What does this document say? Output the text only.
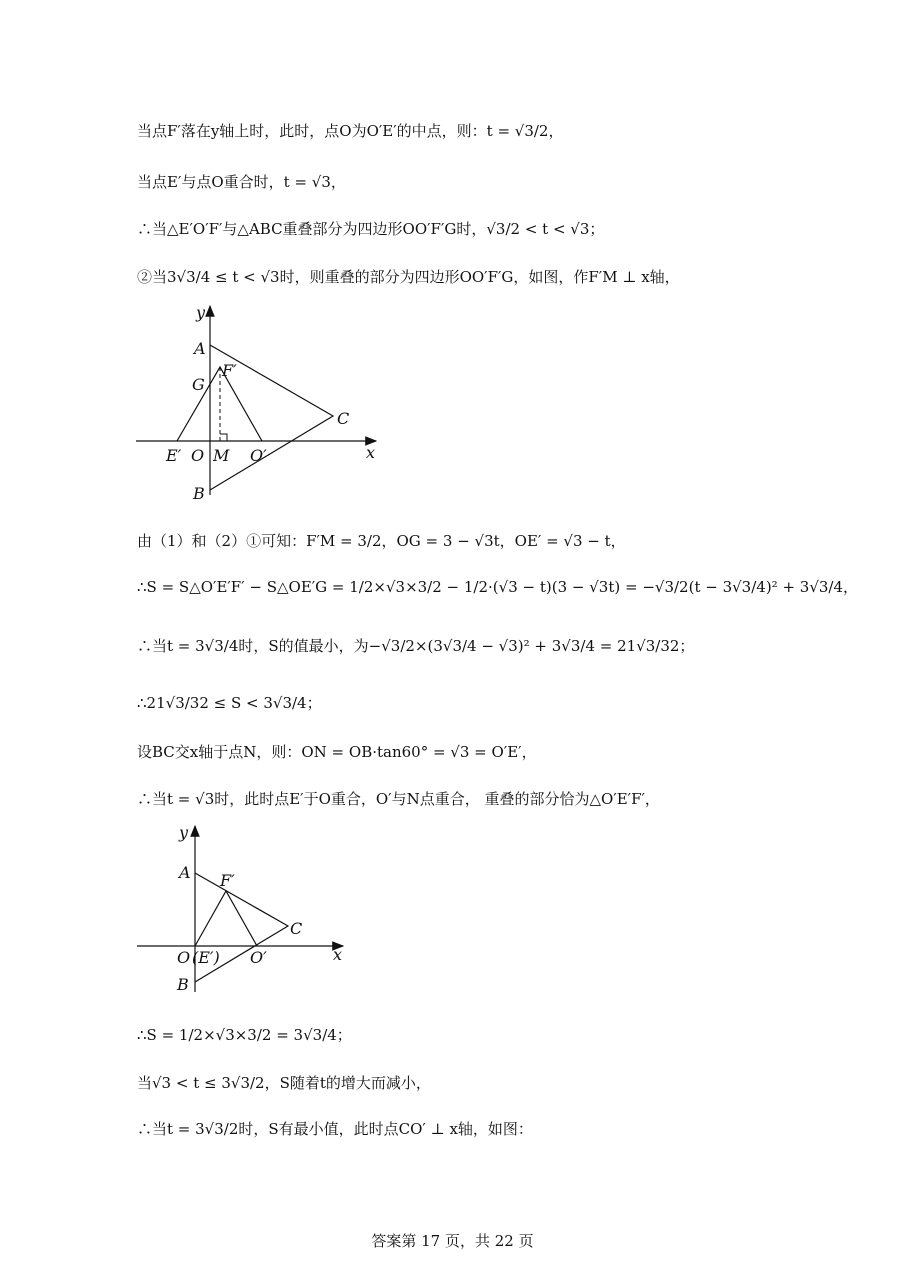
当点F′落在y轴上时，此时，点O为O′E′的中点，则：t = √3/2，
当点E′与点O重合时，t = √3，
∴当△E′O′F′与△ABC重叠部分为四边形OO′F′G时，√3/2 < t < √3；
②当3√3/4 ≤ t < √3时，则重叠的部分为四边形OO′F′G，如图，作F′M ⊥ x轴，
y
x
A
G
F′
C
E′ O M O′
B
由（1）和（2）①可知：F′M = 3/2，OG = 3 − √3t，OE′ = √3 − t，
∴S = S△O′E′F′ − S△OE′G = 1/2×√3×3/2 − 1/2·(√3 − t)(3 − √3t) = −√3/2(t − 3√3/4)² + 3√3/4，
∴当t = 3√3/4时，S的值最小，为−√3/2×(3√3/4 − √3)² + 3√3/4 = 21√3/32；
∴21√3/32 ≤ S < 3√3/4；
设BC交x轴于点N，则：ON = OB·tan60° = √3 = O′E′，
∴当t = √3时，此时点E′于O重合，O′与N点重合， 重叠的部分恰为△O′E′F′，
y
x
A F′
C
O (E′) O′
B
∴S = 1/2×√3×3/2 = 3√3/4；
当√3 < t ≤ 3√3/2，S随着t的增大而减小，
∴当t = 3√3/2时，S有最小值，此时点CO′ ⊥ x轴，如图：
答案第 17 页，共 22 页
